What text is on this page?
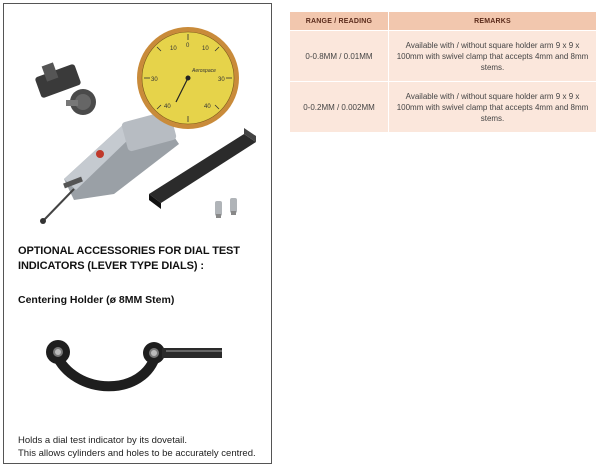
10 0 10
30	30
40	40
Aerospace
OPTIONAL ACCESSORIES FOR DIAL TEST INDICATORS (LEVER TYPE DIALS) :
Centering Holder (ø 8MM Stem)
Holds a dial test indicator by its dovetail.
This allows cylinders and holes to be accurately centred.
RANGE / READING	REMARKS
0-0.8MM / 0.01MM	Available with / without square holder arm 9 x 9 x 100mm with swivel clamp that accepts 4mm and 8mm stems.
0-0.2MM / 0.002MM	Available with / without square holder arm 9 x 9 x 100mm with swivel clamp that accepts 4mm and 8mm stems.
